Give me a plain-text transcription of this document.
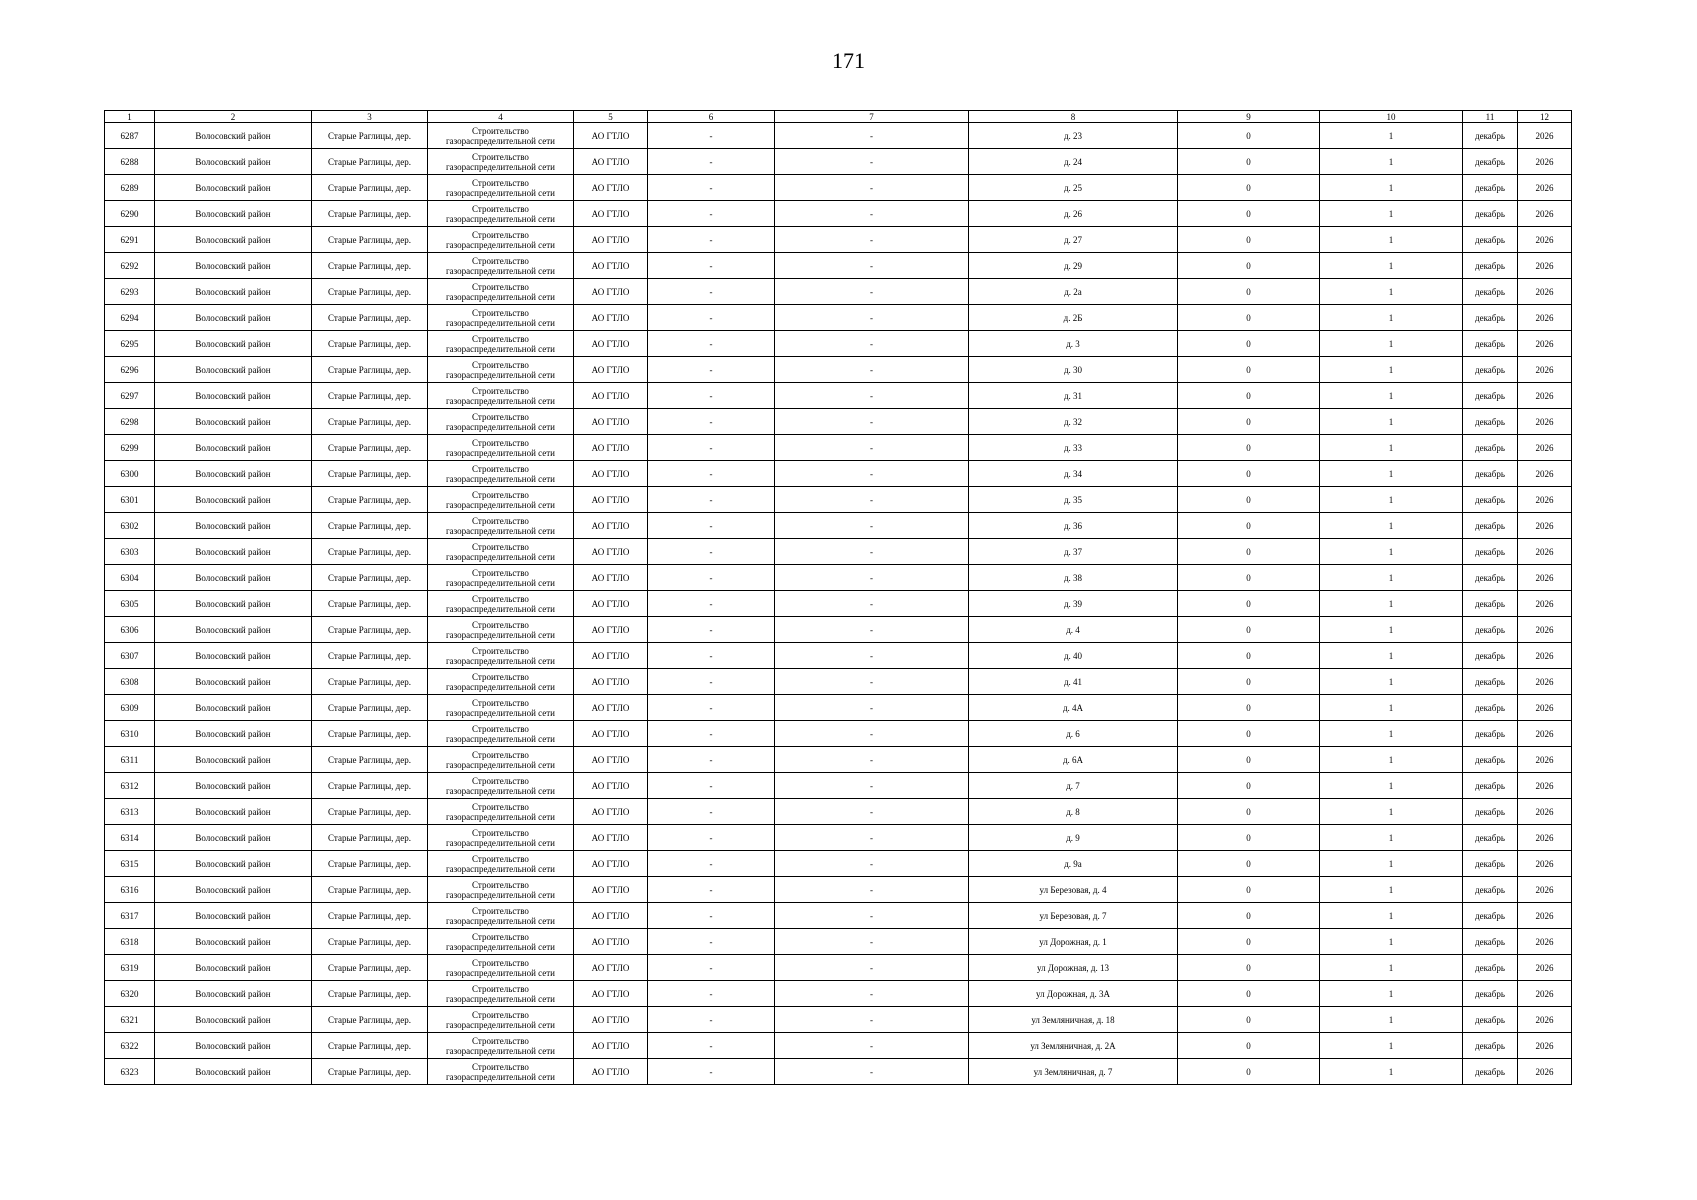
171
1	2	3	4	5	6	7	8	9	10	11	12
6287	Волосовский район	Старые Раглицы, дер.	Строительство газораспределительной сети	АО ГТЛО	-	-	д. 23	0	1	декабрь	2026
6288	Волосовский район	Старые Раглицы, дер.	Строительство газораспределительной сети	АО ГТЛО	-	-	д. 24	0	1	декабрь	2026
6289	Волосовский район	Старые Раглицы, дер.	Строительство газораспределительной сети	АО ГТЛО	-	-	д. 25	0	1	декабрь	2026
6290	Волосовский район	Старые Раглицы, дер.	Строительство газораспределительной сети	АО ГТЛО	-	-	д. 26	0	1	декабрь	2026
6291	Волосовский район	Старые Раглицы, дер.	Строительство газораспределительной сети	АО ГТЛО	-	-	д. 27	0	1	декабрь	2026
6292	Волосовский район	Старые Раглицы, дер.	Строительство газораспределительной сети	АО ГТЛО	-	-	д. 29	0	1	декабрь	2026
6293	Волосовский район	Старые Раглицы, дер.	Строительство газораспределительной сети	АО ГТЛО	-	-	д. 2а	0	1	декабрь	2026
6294	Волосовский район	Старые Раглицы, дер.	Строительство газораспределительной сети	АО ГТЛО	-	-	д. 2Б	0	1	декабрь	2026
6295	Волосовский район	Старые Раглицы, дер.	Строительство газораспределительной сети	АО ГТЛО	-	-	д. 3	0	1	декабрь	2026
6296	Волосовский район	Старые Раглицы, дер.	Строительство газораспределительной сети	АО ГТЛО	-	-	д. 30	0	1	декабрь	2026
6297	Волосовский район	Старые Раглицы, дер.	Строительство газораспределительной сети	АО ГТЛО	-	-	д. 31	0	1	декабрь	2026
6298	Волосовский район	Старые Раглицы, дер.	Строительство газораспределительной сети	АО ГТЛО	-	-	д. 32	0	1	декабрь	2026
6299	Волосовский район	Старые Раглицы, дер.	Строительство газораспределительной сети	АО ГТЛО	-	-	д. 33	0	1	декабрь	2026
6300	Волосовский район	Старые Раглицы, дер.	Строительство газораспределительной сети	АО ГТЛО	-	-	д. 34	0	1	декабрь	2026
6301	Волосовский район	Старые Раглицы, дер.	Строительство газораспределительной сети	АО ГТЛО	-	-	д. 35	0	1	декабрь	2026
6302	Волосовский район	Старые Раглицы, дер.	Строительство газораспределительной сети	АО ГТЛО	-	-	д. 36	0	1	декабрь	2026
6303	Волосовский район	Старые Раглицы, дер.	Строительство газораспределительной сети	АО ГТЛО	-	-	д. 37	0	1	декабрь	2026
6304	Волосовский район	Старые Раглицы, дер.	Строительство газораспределительной сети	АО ГТЛО	-	-	д. 38	0	1	декабрь	2026
6305	Волосовский район	Старые Раглицы, дер.	Строительство газораспределительной сети	АО ГТЛО	-	-	д. 39	0	1	декабрь	2026
6306	Волосовский район	Старые Раглицы, дер.	Строительство газораспределительной сети	АО ГТЛО	-	-	д. 4	0	1	декабрь	2026
6307	Волосовский район	Старые Раглицы, дер.	Строительство газораспределительной сети	АО ГТЛО	-	-	д. 40	0	1	декабрь	2026
6308	Волосовский район	Старые Раглицы, дер.	Строительство газораспределительной сети	АО ГТЛО	-	-	д. 41	0	1	декабрь	2026
6309	Волосовский район	Старые Раглицы, дер.	Строительство газораспределительной сети	АО ГТЛО	-	-	д. 4А	0	1	декабрь	2026
6310	Волосовский район	Старые Раглицы, дер.	Строительство газораспределительной сети	АО ГТЛО	-	-	д. 6	0	1	декабрь	2026
6311	Волосовский район	Старые Раглицы, дер.	Строительство газораспределительной сети	АО ГТЛО	-	-	д. 6А	0	1	декабрь	2026
6312	Волосовский район	Старые Раглицы, дер.	Строительство газораспределительной сети	АО ГТЛО	-	-	д. 7	0	1	декабрь	2026
6313	Волосовский район	Старые Раглицы, дер.	Строительство газораспределительной сети	АО ГТЛО	-	-	д. 8	0	1	декабрь	2026
6314	Волосовский район	Старые Раглицы, дер.	Строительство газораспределительной сети	АО ГТЛО	-	-	д. 9	0	1	декабрь	2026
6315	Волосовский район	Старые Раглицы, дер.	Строительство газораспределительной сети	АО ГТЛО	-	-	д. 9а	0	1	декабрь	2026
6316	Волосовский район	Старые Раглицы, дер.	Строительство газораспределительной сети	АО ГТЛО	-	-	ул Березовая, д. 4	0	1	декабрь	2026
6317	Волосовский район	Старые Раглицы, дер.	Строительство газораспределительной сети	АО ГТЛО	-	-	ул Березовая, д. 7	0	1	декабрь	2026
6318	Волосовский район	Старые Раглицы, дер.	Строительство газораспределительной сети	АО ГТЛО	-	-	ул Дорожная, д. 1	0	1	декабрь	2026
6319	Волосовский район	Старые Раглицы, дер.	Строительство газораспределительной сети	АО ГТЛО	-	-	ул Дорожная, д. 13	0	1	декабрь	2026
6320	Волосовский район	Старые Раглицы, дер.	Строительство газораспределительной сети	АО ГТЛО	-	-	ул Дорожная, д. 3А	0	1	декабрь	2026
6321	Волосовский район	Старые Раглицы, дер.	Строительство газораспределительной сети	АО ГТЛО	-	-	ул Земляничная, д. 18	0	1	декабрь	2026
6322	Волосовский район	Старые Раглицы, дер.	Строительство газораспределительной сети	АО ГТЛО	-	-	ул Земляничная, д. 2А	0	1	декабрь	2026
6323	Волосовский район	Старые Раглицы, дер.	Строительство газораспределительной сети	АО ГТЛО	-	-	ул Земляничная, д. 7	0	1	декабрь	2026
